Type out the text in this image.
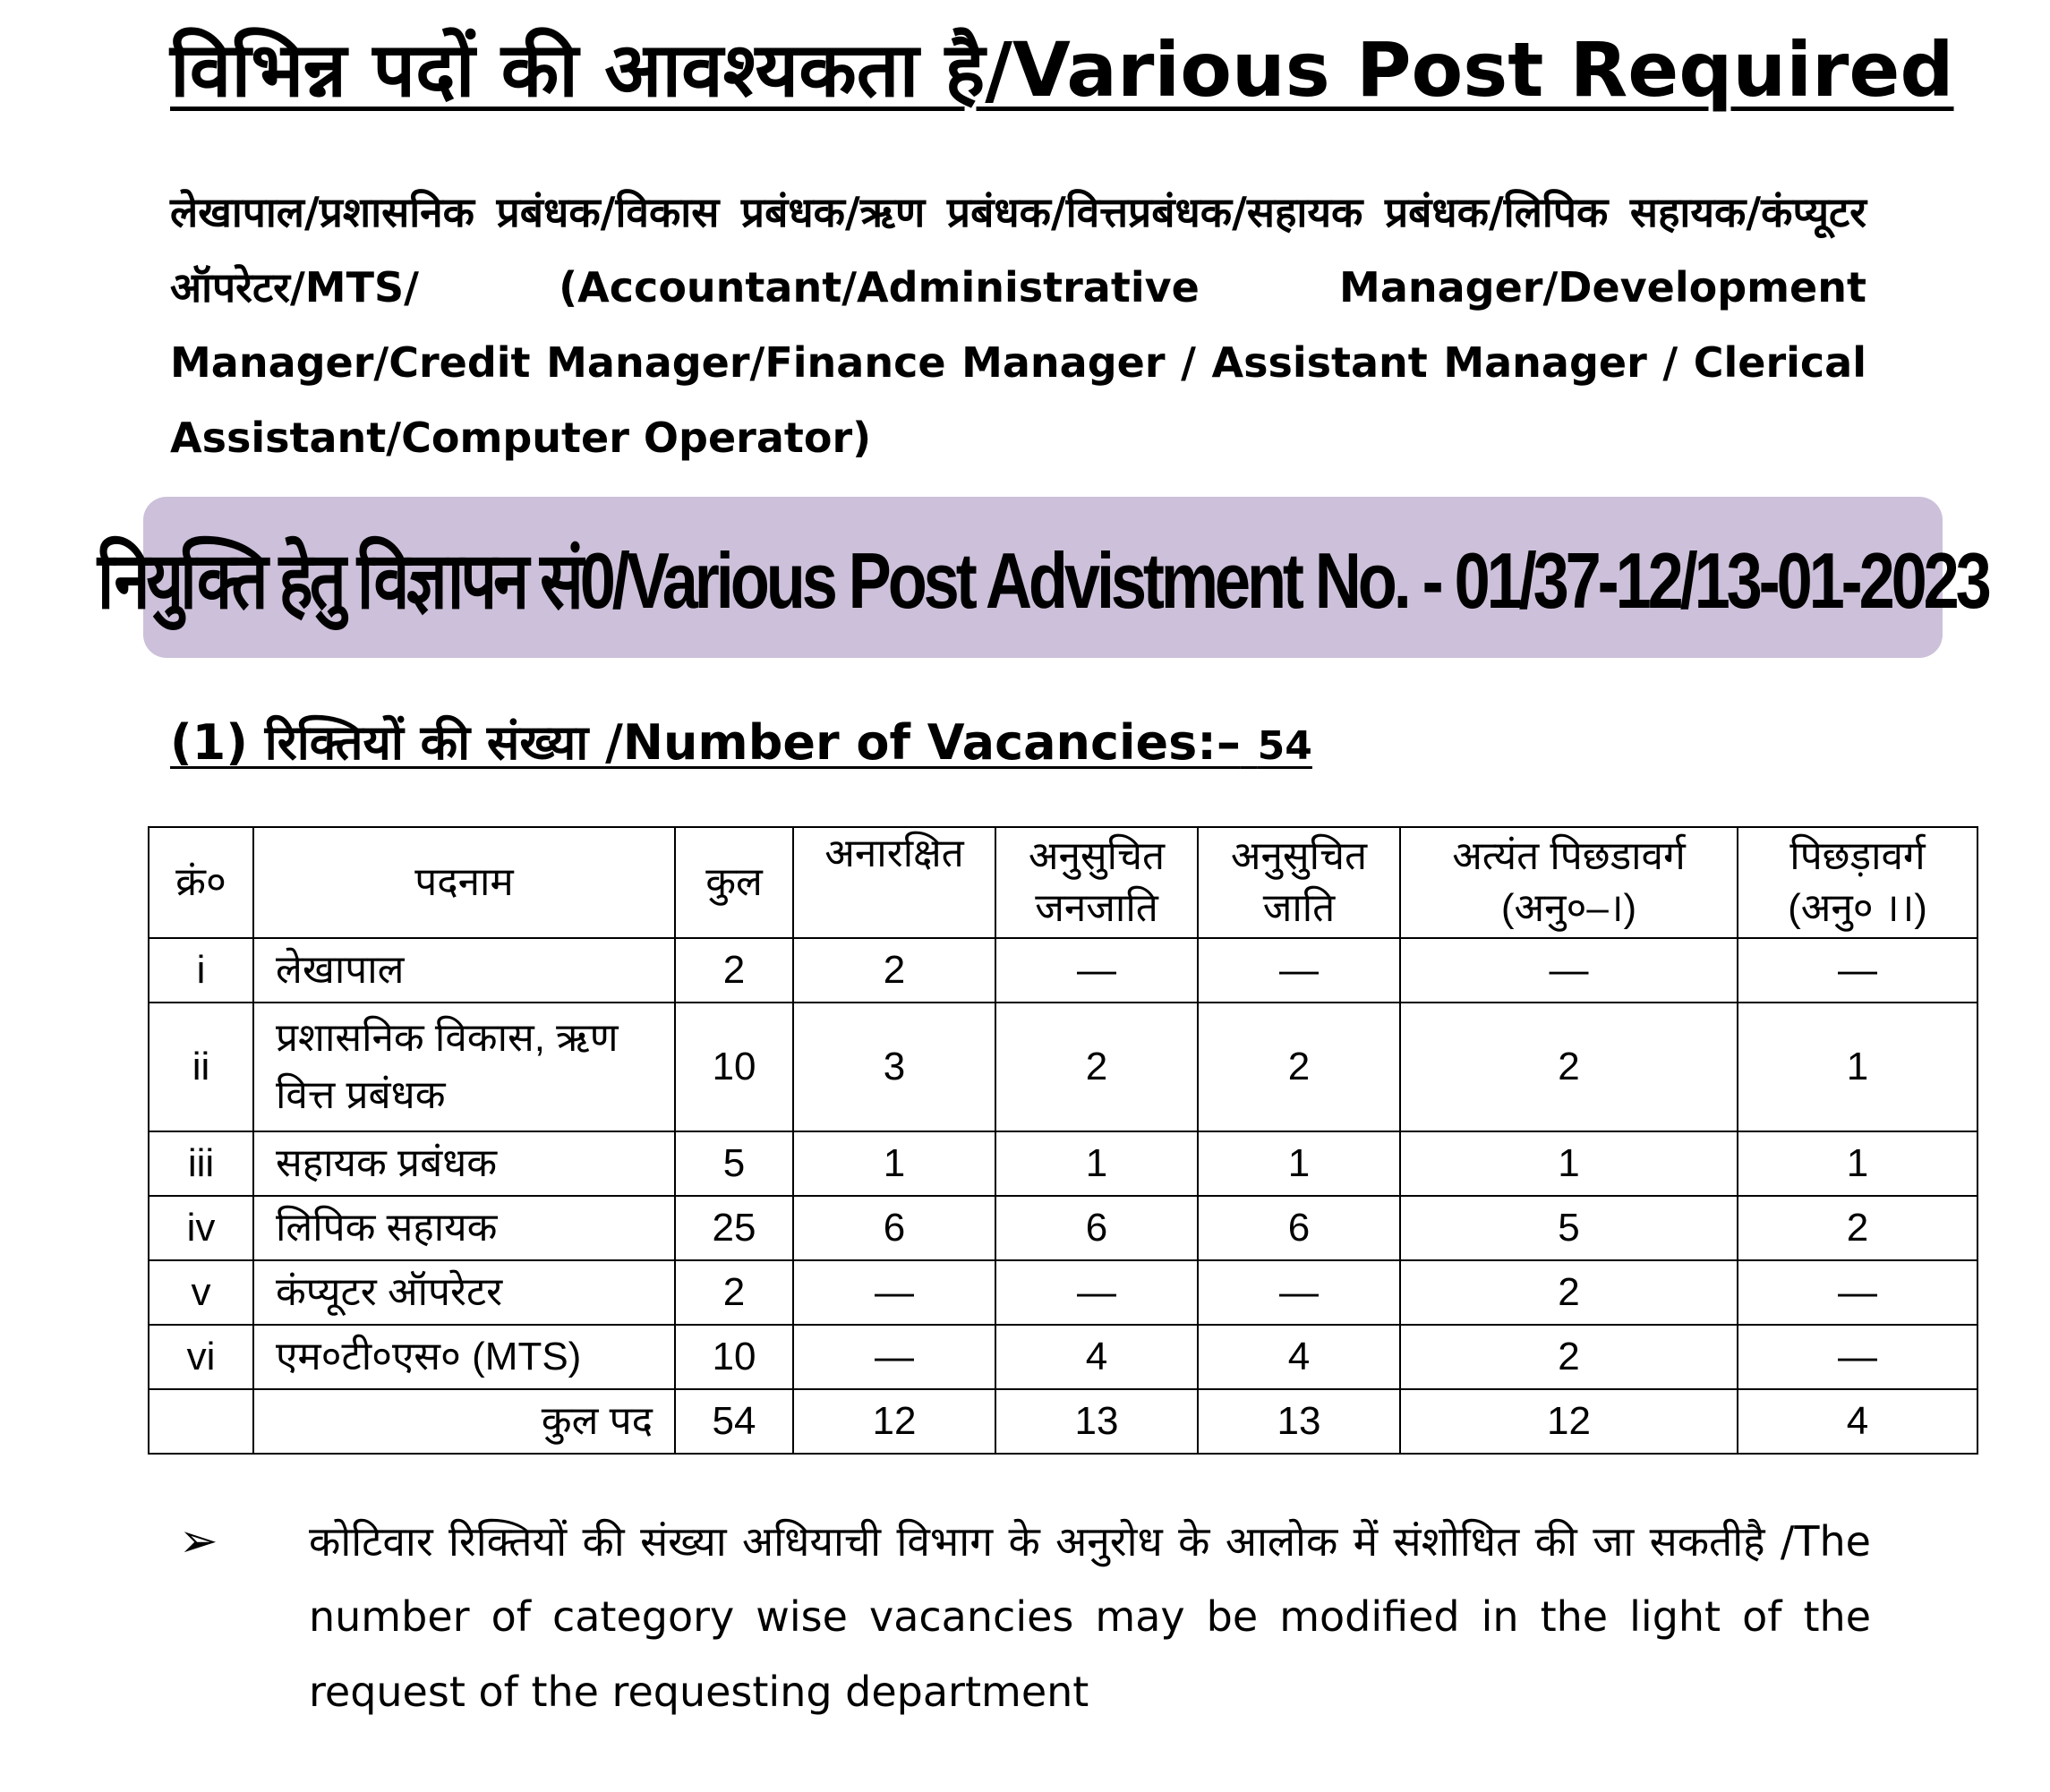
विभिन्न पदों की आवश्यकता है/Various Post Required

लेखापाल/प्रशासनिक प्रबंधक/विकास प्रबंधक/ऋण प्रबंधक/वित्तप्रबंधक/सहायक प्रबंधक/लिपिक सहायक/कंप्यूटर ऑपरेटर/MTS/ (Accountant/Administrative Manager/Development Manager/Credit Manager/Finance Manager / Assistant Manager / Clerical Assistant/Computer Operator)

नियुक्ति हेतु विज्ञापन सं0/Various Post Advistment No. - 01/37-12/13-01-2023
(1) रिक्तियों की संख्या /Number of Vacancies:– 54
क्रं०	पदनाम	कुल	अनारक्षित	अनुसुचित जनजाति	अनुसुचित जाति	अत्यंत पिछडावर्ग (अनु०–।)	पिछड़ावर्ग (अनु० ।।)
i	लेखापाल	2	2	—	—	—	—
ii	प्रशासनिक विकास, ऋण वित्त प्रबंधक	10	3	2	2	2	1
iii	सहायक प्रबंधक	5	1	1	1	1	1
iv	लिपिक सहायक	25	6	6	6	5	2
v	कंप्यूटर ऑपरेटर	2	—	—	—	2	—
vi	एम०टी०एस० (MTS)	10	—	4	4	2	—
	कुल पद	54	12	13	13	12	4
➢	कोटिवार रिक्तियों की संख्या अधियाची विभाग के अनुरोध के आलोक में संशोधित की जा सकतीहै /The number of category wise vacancies may be modified in the light of the request of the requesting department
